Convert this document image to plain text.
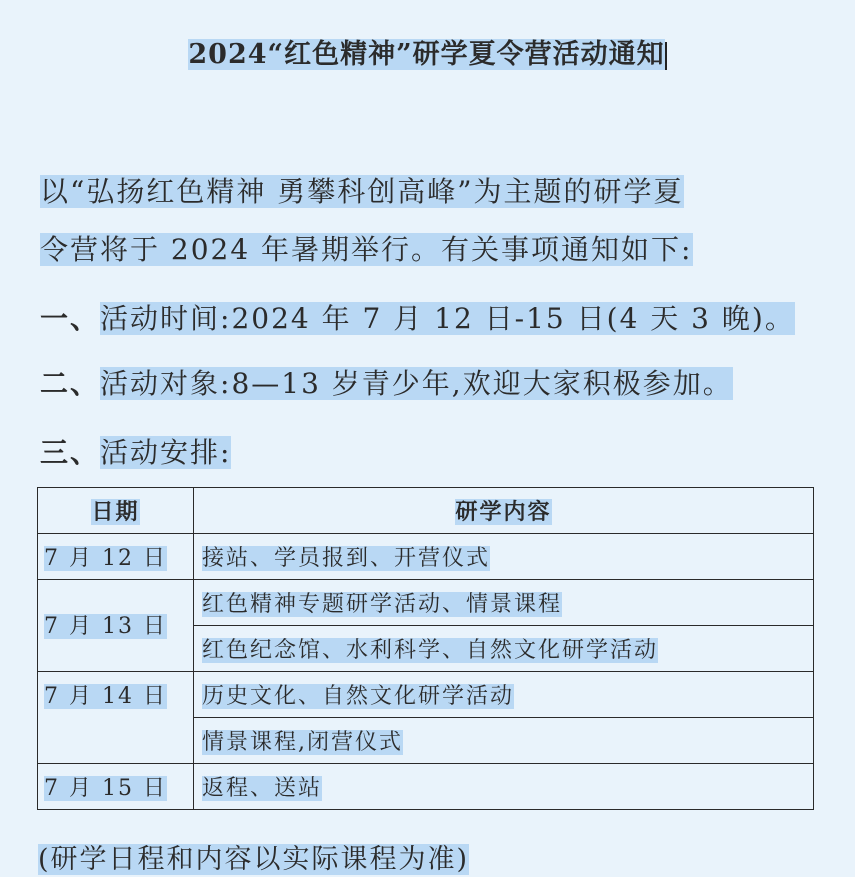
2024“红色精神”研学夏令营活动通知
以“弘扬红色精神 勇攀科创高峰”为主题的研学夏
令营将于 2024 年暑期举行。有关事项通知如下:
一、活动时间:2024 年 7 月 12 日-15 日(4 天 3 晚)。
二、活动对象:8—13 岁青少年,欢迎大家积极参加。
三、活动安排:
日期	研学内容
7 月 12 日	接站、学员报到、开营仪式
7 月 13 日	红色精神专题研学活动、情景课程
	红色纪念馆、水利科学、自然文化研学活动
7 月 14 日	历史文化、自然文化研学活动
	情景课程,闭营仪式
7 月 15 日	返程、送站
(研学日程和内容以实际课程为准)
